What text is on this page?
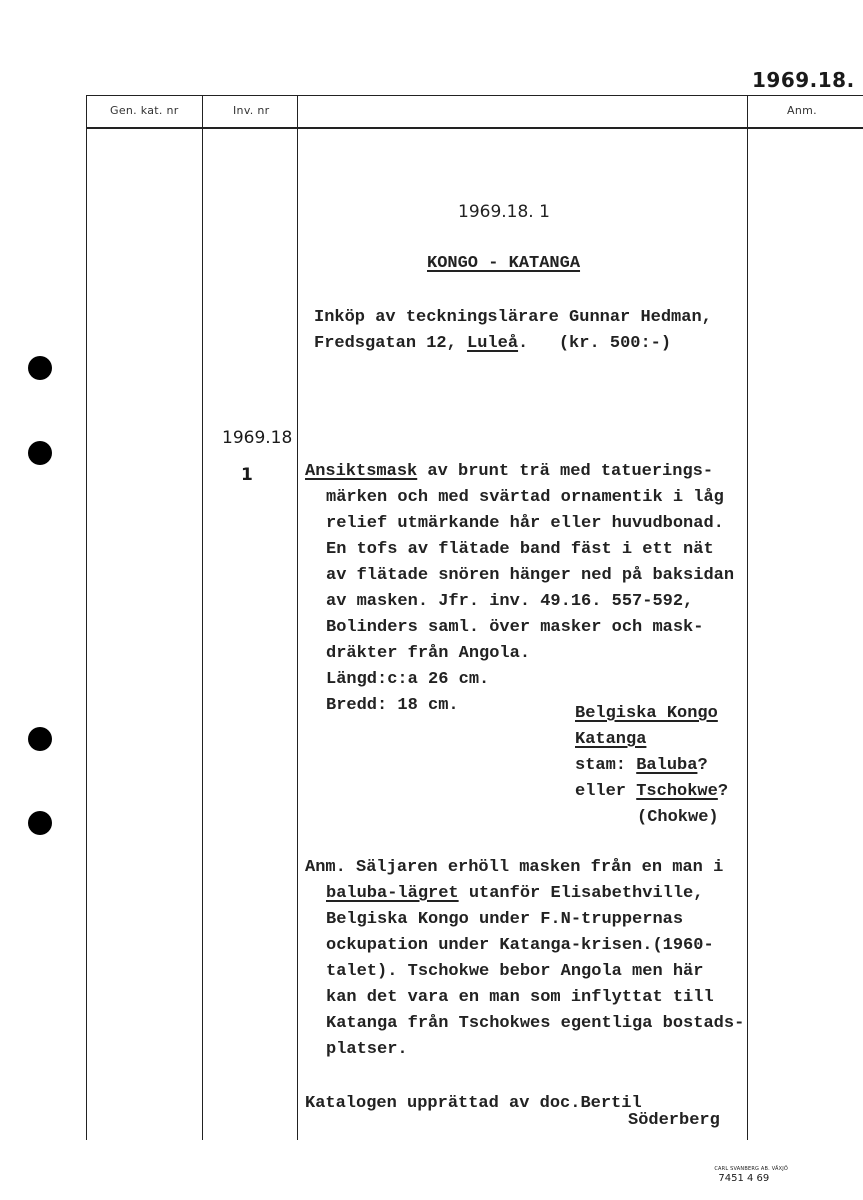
1969.18.
Gen. kat. nr	Inv. nr	Anm.
1969.18. 1
KONGO - KATANGA
Inköp av teckningslärare Gunnar Hedman,
Fredsgatan 12, Luleå.   (kr. 500:-)
1969.18
1	Ansiktsmask av brunt trä med tatuerings-
märken och med svärtad ornamentik i låg
relief utmärkande hår eller huvudbonad.
En tofs av flätade band fäst i ett nät
av flätade snören hänger ned på baksidan
av masken. Jfr. inv. 49.16. 557-592,
Bolinders saml. över masker och mask-
dräkter från Angola.
Längd:c:a 26 cm.
Bredd: 18 cm.	Belgiska Kongo
Katanga
stam: Baluba?
eller Tschokwe?
(Chokwe)
Anm. Säljaren erhöll masken från en man i
baluba-lägret utanför Elisabethville,
Belgiska Kongo under F.N-truppernas
ockupation under Katanga-krisen.(1960-
talet). Tschokwe bebor Angola men här
kan det vara en man som inflyttat till
Katanga från Tschokwes egentliga bostads-
platser.
Katalogen upprättad av doc.Bertil
Söderberg

CARL SVANBERG AB. VÄXJÖ
7451 4 69
